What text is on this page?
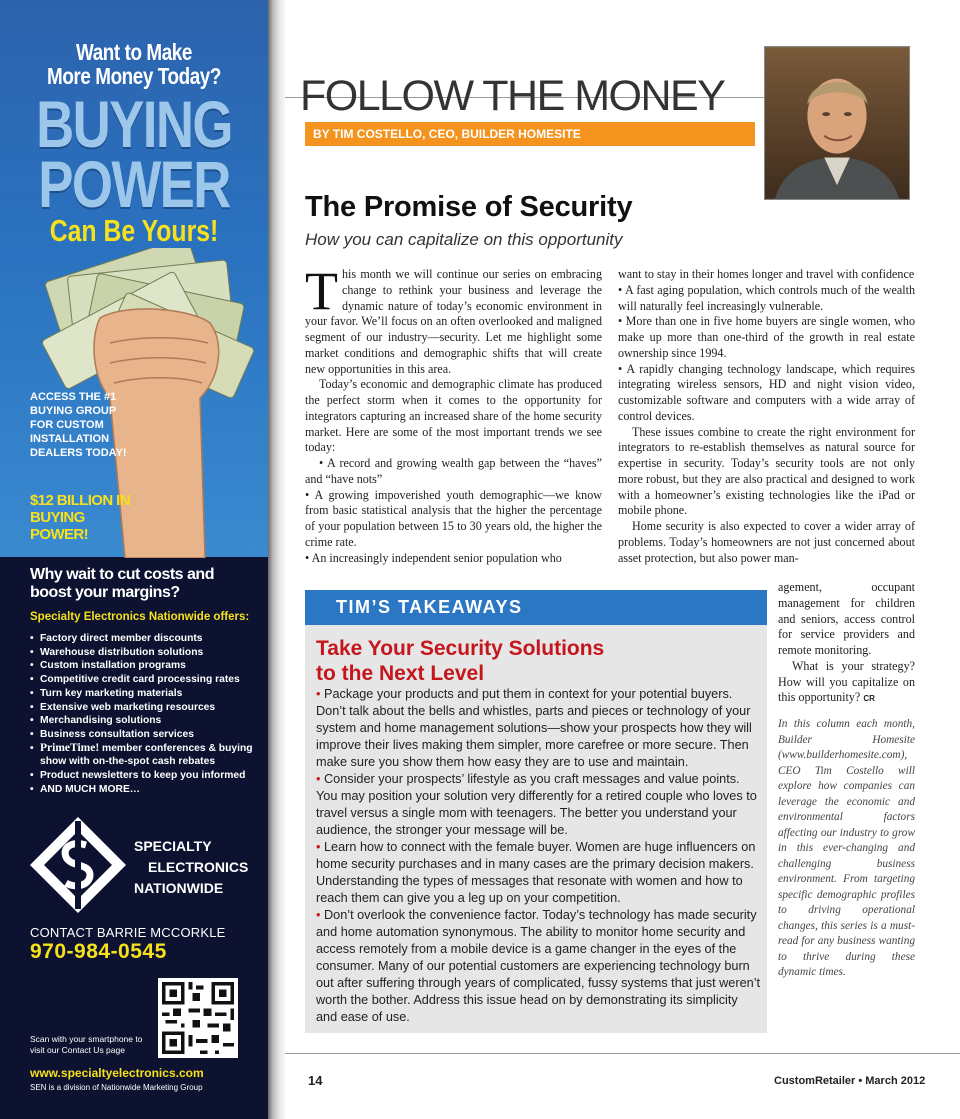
Want to Make
More Money Today?
BUYING
POWER
Can Be Yours!
ACCESS THE #1 BUYING GROUP FOR CUSTOM INSTALLATION DEALERS TODAY!
$12 BILLION IN BUYING POWER!
Why wait to cut costs and
boost your margins?
Specialty Electronics Nationwide offers:
• Factory direct member discounts
• Warehouse distribution solutions
• Custom installation programs
• Competitive credit card processing rates
• Turn key marketing materials
• Extensive web marketing resources
• Merchandising solutions
• Business consultation services
• PrimeTime! member conferences & buying show with on-the-spot cash rebates
• Product newsletters to keep you informed
• AND MUCH MORE…
SPECIALTY
ELECTRONICS
NATIONWIDE
CONTACT BARRIE MCCORKLE
970-984-0545
Scan with your smartphone to visit our Contact Us page
www.specialtyelectronics.com
SEN is a division of Nationwide Marketing Group
FOLLOW THE MONEY
BY TIM COSTELLO, CEO, BUILDER HOMESITE
The Promise of Security
How you can capitalize on this opportunity

This month we will continue our series on embracing change to rethink your business and leverage the dynamic nature of today’s economic environment in your favor. We’ll focus on an often overlooked and maligned segment of our industry—security. Let me highlight some market conditions and demographic shifts that will create new opportunities in this area.

Today’s economic and demographic climate has produced the perfect storm when it comes to the opportunity for integrators capturing an increased share of the home security market. Here are some of the most important trends we see today:

• A record and growing wealth gap between the “haves” and “have nots”

• A growing impoverished youth demographic—we know from basic statistical analysis that the higher the percentage of your population between 15 to 30 years old, the higher the crime rate.

• An increasingly independent senior population who

want to stay in their homes longer and travel with confidence

• A fast aging population, which controls much of the wealth will naturally feel increasingly vulnerable.

• More than one in five home buyers are single women, who make up more than one-third of the growth in real estate ownership since 1994.

• A rapidly changing technology landscape, which requires integrating wireless sensors, HD and night vision video, customizable software and computers with a wide array of control devices.

These issues combine to create the right environment for integrators to re-establish themselves as natural source for expertise in security. Today’s security tools are not only more robust, but they are also practical and designed to work with a homeowner’s existing technologies like the iPad or mobile phone.

Home security is also expected to cover a wider array of problems. Today’s homeowners are not just concerned about asset protection, but also power man-

agement, occupant management for children and seniors, access control for service providers and remote monitoring.

What is your strategy? How will you capitalize on this opportunity? CR

In this column each month, Builder Homesite (www.builderhomesite.com), CEO Tim Costello will explore how companies can leverage the economic and environmental factors affecting our industry to grow in this ever-changing and challenging business environment. From targeting specific demographic profiles to driving operational changes, this series is a must-read for any business wanting to thrive during these dynamic times.
TIM’S TAKEAWAYS
Take Your Security Solutions
to the Next Level

• Package your products and put them in context for your potential buyers. Don’t talk about the bells and whistles, parts and pieces or technology of your system and home management solutions—show your prospects how they will improve their lives making them simpler, more carefree or more secure. Then make sure you show them how easy they are to use and maintain.

• Consider your prospects’ lifestyle as you craft messages and value points. You may position your solution very differently for a retired couple who loves to travel versus a single mom with teenagers. The better you understand your audience, the stronger your message will be.

• Learn how to connect with the female buyer. Women are huge influencers on home security purchases and in many cases are the primary decision makers. Understanding the types of messages that resonate with women and how to reach them can give you a leg up on your competition.

• Don’t overlook the convenience factor. Today’s technology has made security and home automation synonymous. The ability to monitor home security and access remotely from a mobile device is a game changer in the eyes of the consumer. Many of our potential customers are experiencing technology burn out after suffering through years of complicated, fussy systems that just weren’t worth the bother. Address this issue head on by demonstrating its simplicity and ease of use.

14	CustomRetailer • March 2012
